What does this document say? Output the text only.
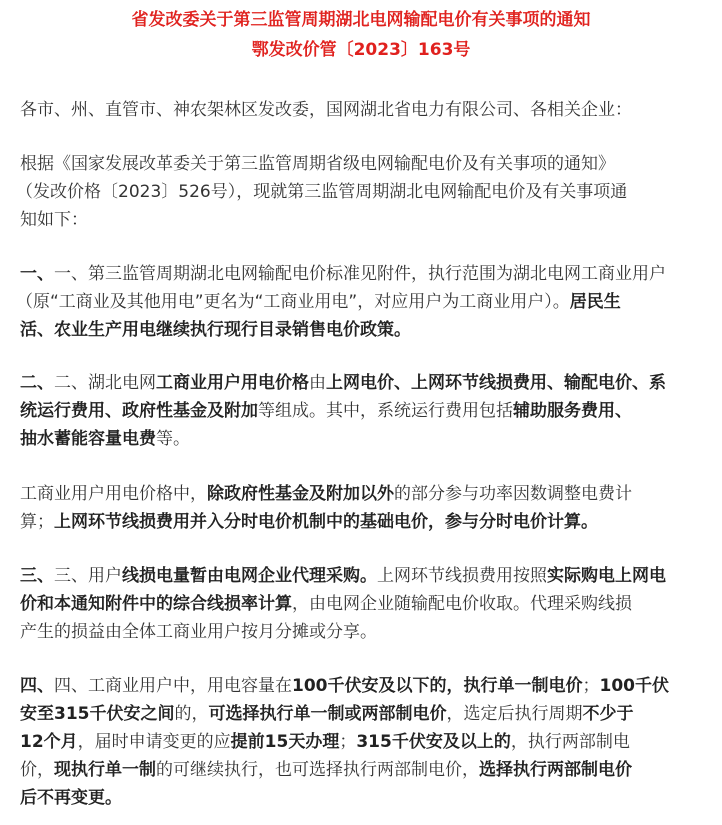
省发改委关于第三监管周期湖北电网输配电价有关事项的通知
鄂发改价管〔2023〕163号
各市、州、直管市、神农架林区发改委，国网湖北省电力有限公司、各相关企业：
根据《国家发展改革委关于第三监管周期省级电网输配电价及有关事项的通知》
（发改价格〔2023〕526号），现就第三监管周期湖北电网输配电价及有关事项通
知如下：
一、一、第三监管周期湖北电网输配电价标准见附件，执行范围为湖北电网工商业用户
（原“工商业及其他用电”更名为“工商业用电”，对应用户为工商业用户）。居民生
活、农业生产用电继续执行现行目录销售电价政策。
二、二、湖北电网工商业用户用电价格由上网电价、上网环节线损费用、输配电价、系
统运行费用、政府性基金及附加等组成。其中，系统运行费用包括辅助服务费用、
抽水蓄能容量电费等。
工商业用户用电价格中，除政府性基金及附加以外的部分参与功率因数调整电费计
算；上网环节线损费用并入分时电价机制中的基础电价，参与分时电价计算。
三、三、用户线损电量暂由电网企业代理采购。上网环节线损费用按照实际购电上网电
价和本通知附件中的综合线损率计算，由电网企业随输配电价收取。代理采购线损
产生的损益由全体工商业用户按月分摊或分享。
四、四、工商业用户中，用电容量在100千伏安及以下的，执行单一制电价；100千伏
安至315千伏安之间的，可选择执行单一制或两部制电价，选定后执行周期不少于
12个月，届时申请变更的应提前15天办理；315千伏安及以上的，执行两部制电
价，现执行单一制的可继续执行，也可选择执行两部制电价，选择执行两部制电价
后不再变更。
